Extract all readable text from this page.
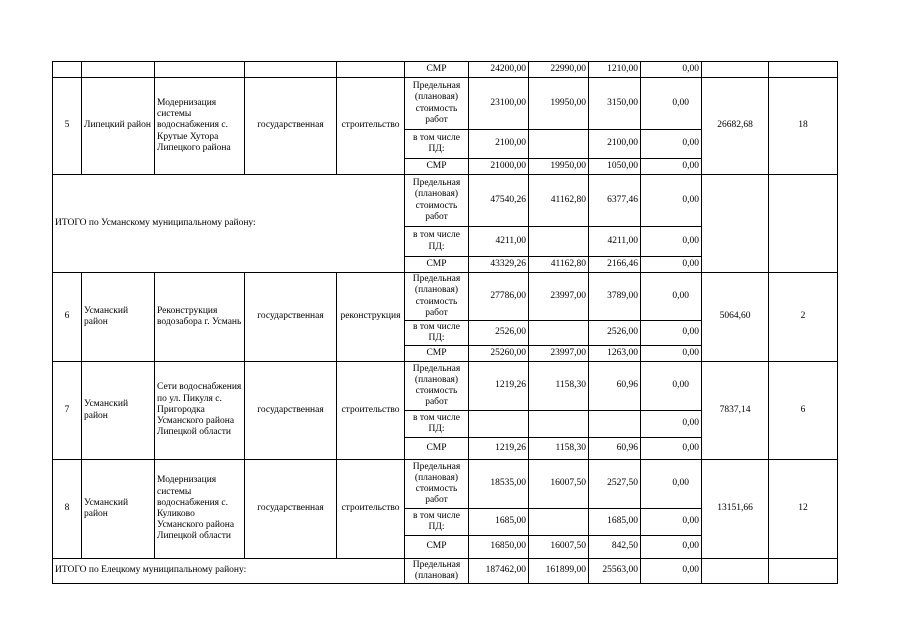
					СМР	24200,00	22990,00	1210,00	0,00		
5	Липецкий район	Модернизация системы водоснабжения с. Крутые Хутора Липецкого района	государственная	строительство	Предельная (плановая) стоимость работ	23100,00	19950,00	3150,00	0,00	26682,68	18
					в том числе ПД:	2100,00		2100,00	0,00		
					СМР	21000,00	19950,00	1050,00	0,00		
ИТОГО по Усманскому муниципальному району:					Предельная (плановая) стоимость работ	47540,26	41162,80	6377,46	0,00		
					в том числе ПД:	4211,00		4211,00	0,00		
					СМР	43329,26	41162,80	2166,46	0,00		
6	Усманский район	Реконструкция водозабора г. Усмань	государственная	реконструкция	Предельная (плановая) стоимость работ	27786,00	23997,00	3789,00	0,00	5064,60	2
					в том числе ПД:	2526,00		2526,00	0,00		
					СМР	25260,00	23997,00	1263,00	0,00		
7	Усманский район	Сети водоснабжения по ул. Пикуля с. Пригородка Усманского района Липецкой области	государственная	строительство	Предельная (плановая) стоимость работ	1219,26	1158,30	60,96	0,00	7837,14	6
					в том числе ПД:				0,00		
					СМР	1219,26	1158,30	60,96	0,00		
8	Усманский район	Модернизация системы водоснабжения с. Куликово Усманского района Липецкой области	государственная	строительство	Предельная (плановая) стоимость работ	18535,00	16007,50	2527,50	0,00	13151,66	12
					в том числе ПД:	1685,00		1685,00	0,00		
					СМР	16850,00	16007,50	842,50	0,00		
ИТОГО по Елецкому муниципальному району:					Предельная (плановая)	187462,00	161899,00	25563,00	0,00		
